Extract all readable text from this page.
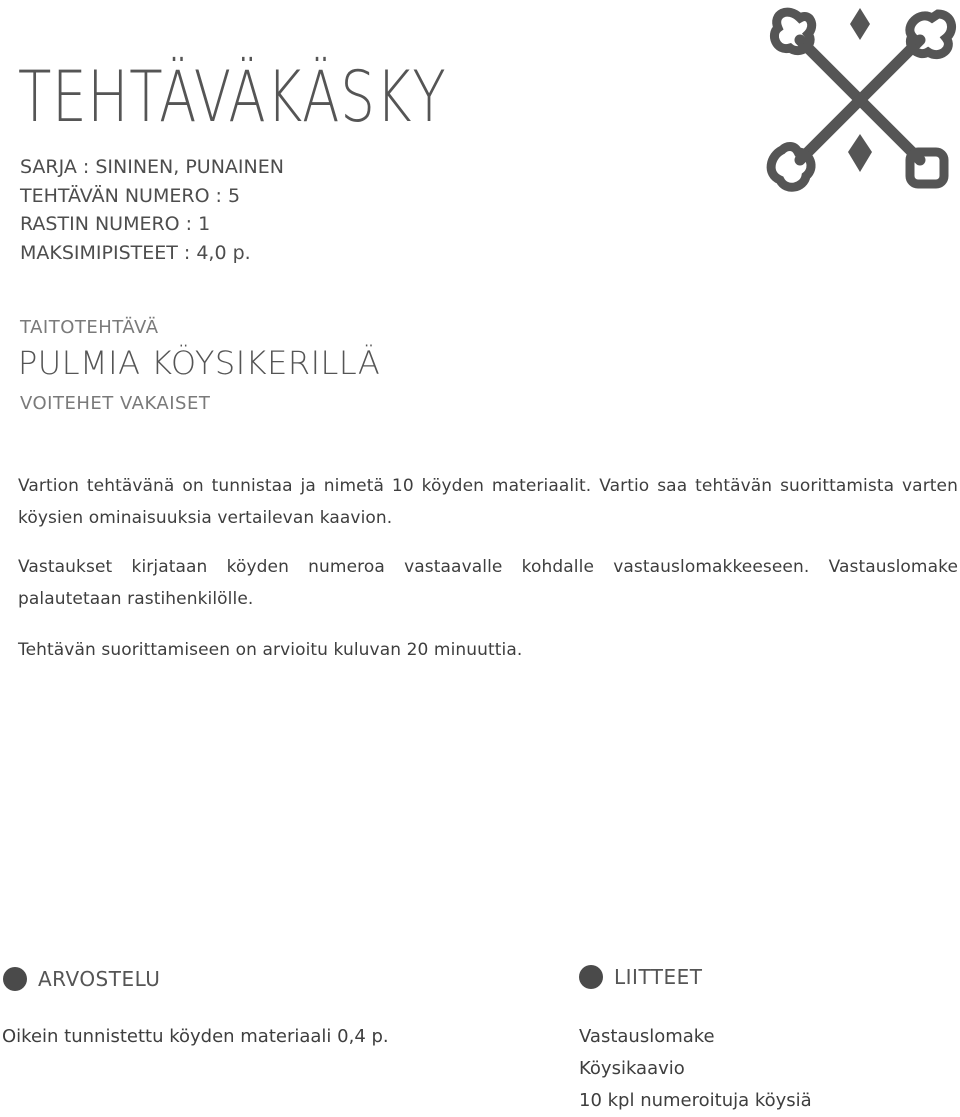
TEHTÄVÄKÄSKY
SARJA : SININEN, PUNAINEN
TEHTÄVÄN NUMERO : 5
RASTIN NUMERO : 1
MAKSIMIPISTEET : 4,0 p.
TAITOTEHTÄVÄ
PULMIA KÖYSIKERILLÄ
VOITEHET VAKAISET
Vartion tehtävänä on tunnistaa ja nimetä 10 köyden materiaalit. Vartio saa tehtävän suorittamista varten köysien ominaisuuksia vertailevan kaavion.
Vastaukset kirjataan köyden numeroa vastaavalle kohdalle vastauslomakkeeseen. Vastauslomake palautetaan rastihenkilölle.
Tehtävän suorittamiseen on arvioitu kuluvan 20 minuuttia.
ARVOSTELU
Oikein tunnistettu köyden materiaali 0,4 p.
LIITTEET
Vastauslomake
Köysikaavio
10 kpl numeroituja köysiä
